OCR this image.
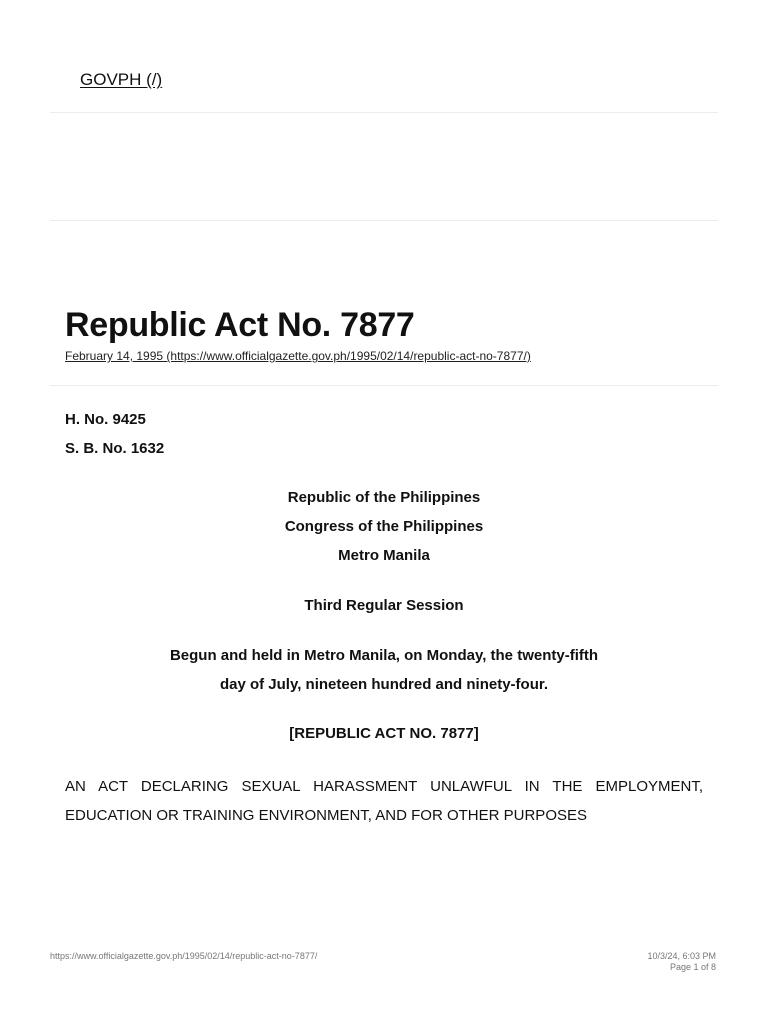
GOVPH (/)
Republic Act No. 7877
February 14, 1995 (https://www.officialgazette.gov.ph/1995/02/14/republic-act-no-7877/)
H. No. 9425
S. B. No. 1632
Republic of the Philippines
Congress of the Philippines
Metro Manila
Third Regular Session
Begun and held in Metro Manila, on Monday, the twenty-fifth
day of July, nineteen hundred and ninety-four.
[REPUBLIC ACT NO. 7877]

AN ACT DECLARING SEXUAL HARASSMENT UNLAWFUL IN THE EMPLOYMENT, EDUCATION OR TRAINING ENVIRONMENT, AND FOR OTHER PURPOSES

https://www.officialgazette.gov.ph/1995/02/14/republic-act-no-7877/	10/3/24, 6:03 PM
Page 1 of 8
